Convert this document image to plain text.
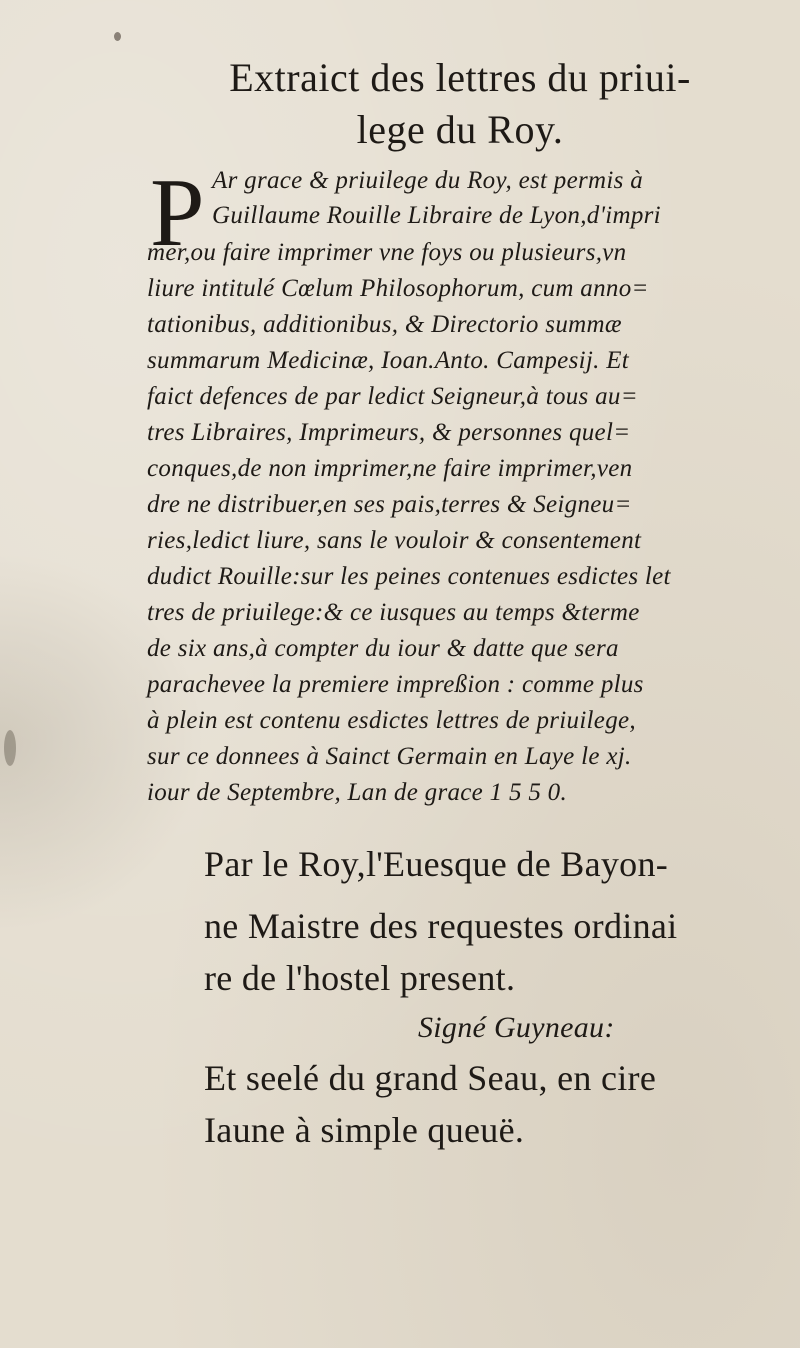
Extraict des lettres du priui-
lege du Roy.
P Ar grace & priuilege du Roy, est permis à
Guillaume Rouille Libraire de Lyon,d'impri
mer,ou faire imprimer vne foys ou plusieurs,vn
liure intitulé Cœlum Philosophorum, cum anno=
tationibus, additionibus, & Directorio summæ
summarum Medicinæ, Ioan.Anto. Campesij. Et
faict defences de par ledict Seigneur,à tous au=
tres Libraires, Imprimeurs, & personnes quel=
conques,de non imprimer,ne faire imprimer,ven
dre ne distribuer,en ses pais,terres & Seigneu=
ries,ledict liure, sans le vouloir & consentement
dudict Rouille:sur les peines contenues esdictes let
tres de priuilege:& ce iusques au temps &terme
de six ans,à compter du iour & datte que sera
parachevee la premiere impreßion : comme plus
à plein est contenu esdictes lettres de priuilege,
sur ce donnees à Sainct Germain en Laye le xj.
iour de Septembre, Lan de grace 1 5 5 0.
Par le Roy,l'Euesque de Bayon-
ne Maistre des requestes ordinai
re de l'hostel present.
Signé Guyneau:
Et seelé du grand Seau, en cire
Iaune à simple queuë.
